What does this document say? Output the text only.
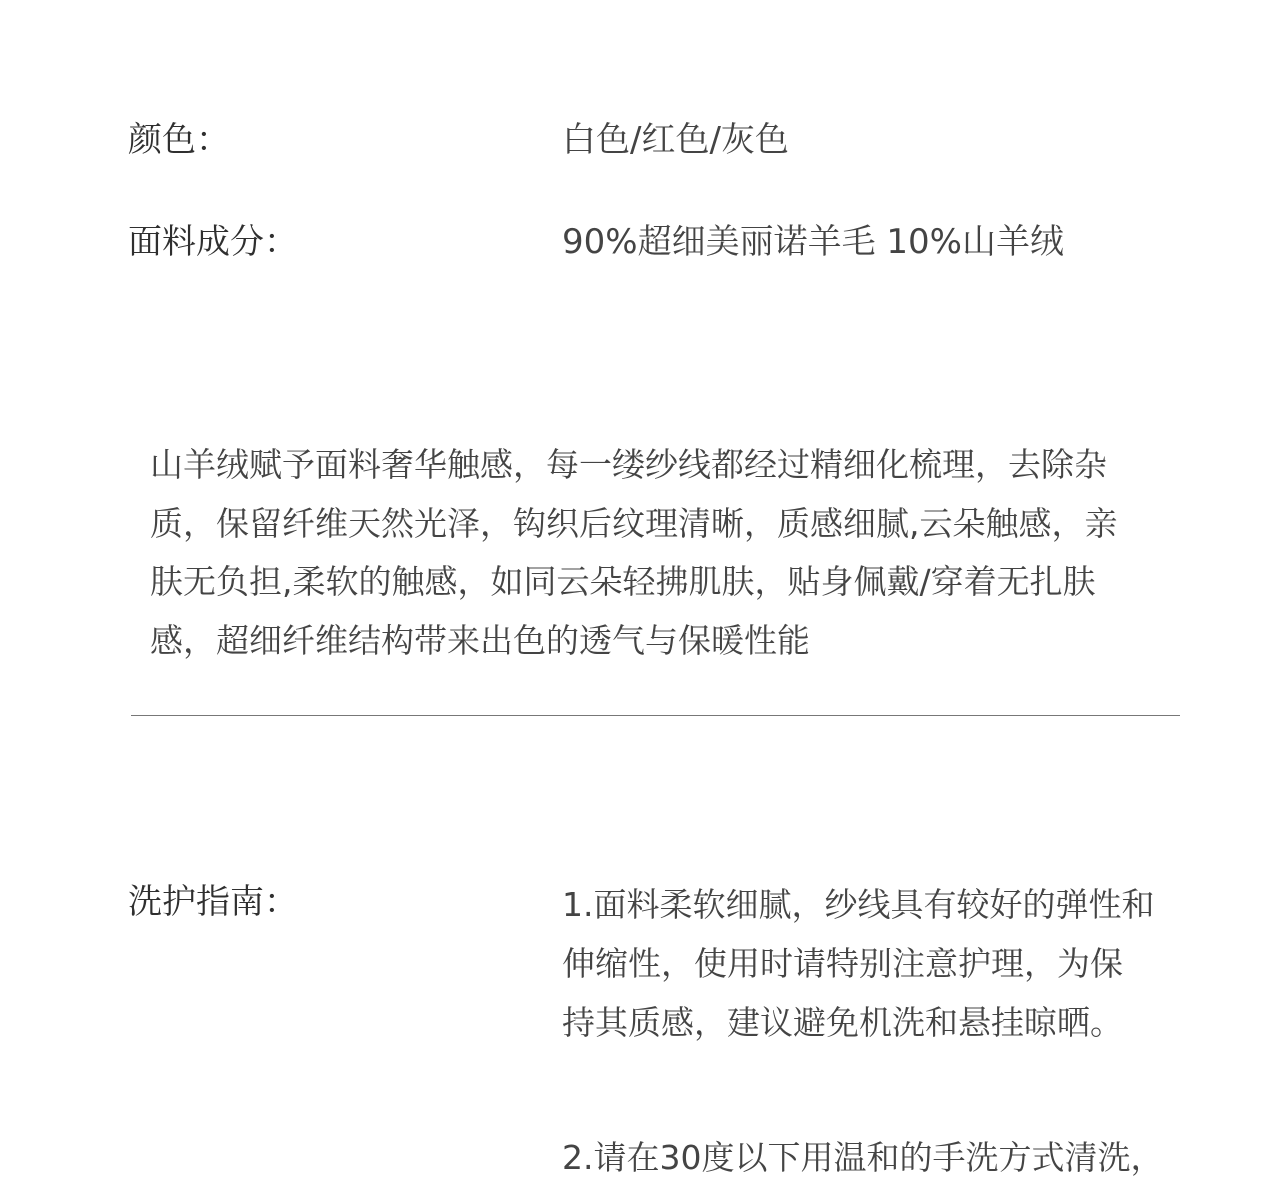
颜色：	白色/红色/灰色
面料成分：	90%超细美丽诺羊毛 10%山羊绒

山羊绒赋予面料奢华触感，每一缕纱线都经过精细化梳理，去除杂
质，保留纤维天然光泽，钩织后纹理清晰，质感细腻,云朵触感，亲
肤无负担,柔软的触感，如同云朵轻拂肌肤，贴身佩戴/穿着无扎肤
感，超细纤维结构带来出色的透气与保暖性能

洗护指南：	1.面料柔软细腻，纱线具有较好的弹性和
伸缩性，使用时请特别注意护理，为保
持其质感，建议避免机洗和悬挂晾晒。
2.请在30度以下用温和的手洗方式清洗，
